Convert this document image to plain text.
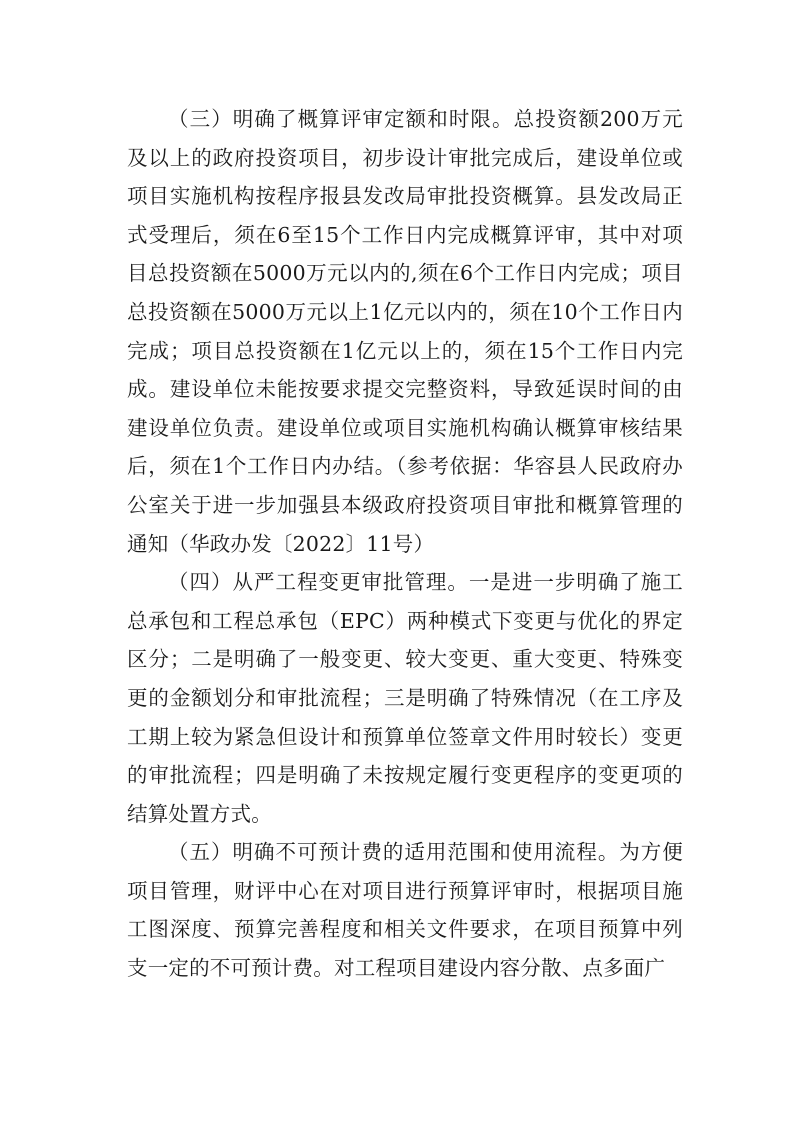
（三）明确了概算评审定额和时限。总投资额200万元及以上的政府投资项目，初步设计审批完成后，建设单位或项目实施机构按程序报县发改局审批投资概算。县发改局正式受理后，须在6至15个工作日内完成概算评审，其中对项目总投资额在5000万元以内的,须在6个工作日内完成；项目总投资额在5000万元以上1亿元以内的，须在10个工作日内完成；项目总投资额在1亿元以上的，须在15个工作日内完成。建设单位未能按要求提交完整资料，导致延误时间的由建设单位负责。建设单位或项目实施机构确认概算审核结果后，须在1个工作日内办结。（参考依据：华容县人民政府办公室关于进一步加强县本级政府投资项目审批和概算管理的通知（华政办发〔2022〕11号）

（四）从严工程变更审批管理。一是进一步明确了施工总承包和工程总承包（EPC）两种模式下变更与优化的界定区分；二是明确了一般变更、较大变更、重大变更、特殊变更的金额划分和审批流程；三是明确了特殊情况（在工序及工期上较为紧急但设计和预算单位签章文件用时较长）变更的审批流程；四是明确了未按规定履行变更程序的变更项的结算处置方式。

（五）明确不可预计费的适用范围和使用流程。为方便项目管理，财评中心在对项目进行预算评审时，根据项目施工图深度、预算完善程度和相关文件要求，在项目预算中列支一定的不可预计费。对工程项目建设内容分散、点多面广
